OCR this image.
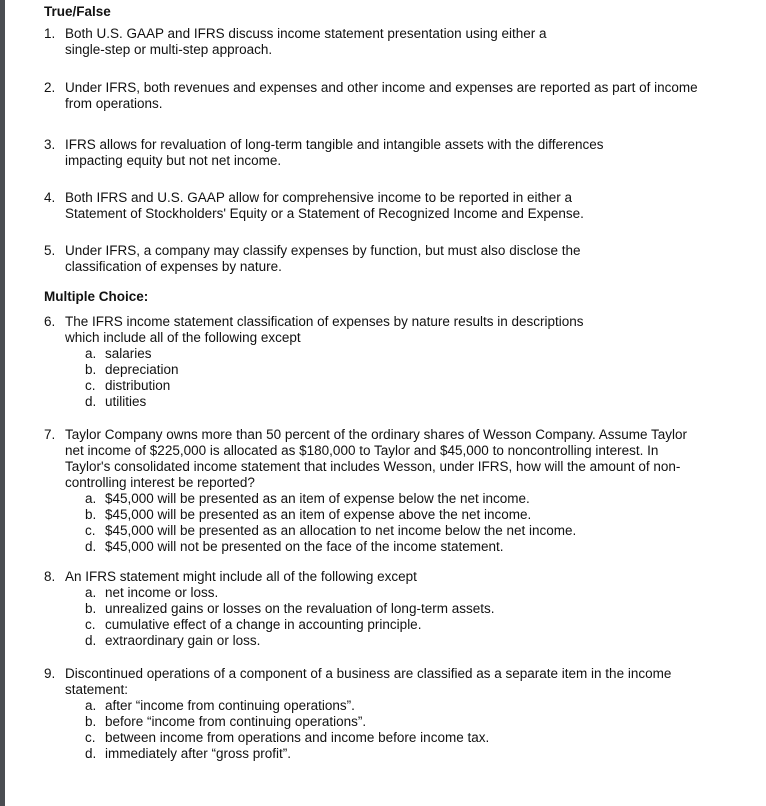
True/False
1. Both U.S. GAAP and IFRS discuss income statement presentation using either a
single-step or multi-step approach.
2. Under IFRS, both revenues and expenses and other income and expenses are reported as part of income
from operations.
3. IFRS allows for revaluation of long-term tangible and intangible assets with the differences
impacting equity but not net income.
4. Both IFRS and U.S. GAAP allow for comprehensive income to be reported in either a
Statement of Stockholders' Equity or a Statement of Recognized Income and Expense.
5. Under IFRS, a company may classify expenses by function, but must also disclose the
classification of expenses by nature.
Multiple Choice:
6. The IFRS income statement classification of expenses by nature results in descriptions
which include all of the following except
a. salaries
b. depreciation
c. distribution
d. utilities
7. Taylor Company owns more than 50 percent of the ordinary shares of Wesson Company. Assume Taylor
net income of $225,000 is allocated as $180,000 to Taylor and $45,000 to noncontrolling interest. In
Taylor's consolidated income statement that includes Wesson, under IFRS, how will the amount of non-
controlling interest be reported?
a. $45,000 will be presented as an item of expense below the net income.
b. $45,000 will be presented as an item of expense above the net income.
c. $45,000 will be presented as an allocation to net income below the net income.
d. $45,000 will not be presented on the face of the income statement.
8. An IFRS statement might include all of the following except
a. net income or loss.
b. unrealized gains or losses on the revaluation of long-term assets.
c. cumulative effect of a change in accounting principle.
d. extraordinary gain or loss.
9. Discontinued operations of a component of a business are classified as a separate item in the income
statement:
a. after “income from continuing operations”.
b. before “income from continuing operations”.
c. between income from operations and income before income tax.
d. immediately after “gross profit”.
